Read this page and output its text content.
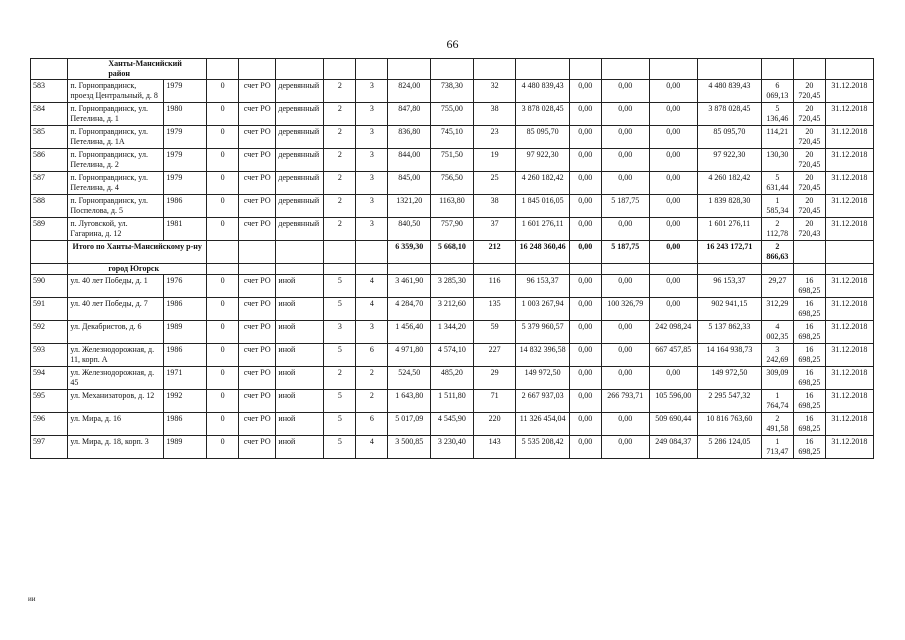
66
	Ханты-Мансийский район																	
583	п. Горноправдинск, проезд Центральный, д. 8	1979	0	счет РО	деревянный	2	3	824,00	738,30	32	4 480 839,43	0,00	0,00	0,00	4 480 839,43	6 069,13	20 720,45	31.12.2018
584	п. Горноправдинск, ул. Петелина, д. 1	1980	0	счет РО	деревянный	2	3	847,80	755,00	38	3 878 028,45	0,00	0,00	0,00	3 878 028,45	5 136,46	20 720,45	31.12.2018
585	п. Горноправдинск, ул. Петелина, д. 1А	1979	0	счет РО	деревянный	2	3	836,80	745,10	23	85 095,70	0,00	0,00	0,00	85 095,70	114,21	20 720,45	31.12.2018
586	п. Горноправдинск, ул. Петелина, д. 2	1979	0	счет РО	деревянный	2	3	844,00	751,50	19	97 922,30	0,00	0,00	0,00	97 922,30	130,30	20 720,45	31.12.2018
587	п. Горноправдинск, ул. Петелина, д. 4	1979	0	счет РО	деревянный	2	3	845,00	756,50	25	4 260 182,42	0,00	0,00	0,00	4 260 182,42	5 631,44	20 720,45	31.12.2018
588	п. Горноправдинск, ул. Поспелова, д. 5	1986	0	счет РО	деревянный	2	3	1321,20	1163,80	38	1 845 016,05	0,00	5 187,75	0,00	1 839 828,30	1 585,34	20 720,45	31.12.2018
589	п. Луговской, ул. Гагарина, д. 12	1981	0	счет РО	деревянный	2	3	840,50	757,90	37	1 601 276,11	0,00	0,00	0,00	1 601 276,11	2 112,78	20 720,43	31.12.2018
	Итого по Ханты-Мансийскому р-ну							6 359,30	5 668,10	212	16 248 360,46	0,00	5 187,75	0,00	16 243 172,71	2 866,63		
	город Югорск																	
590	ул. 40 лет Победы, д. 1	1976	0	счет РО	иной	5	4	3 461,90	3 285,30	116	96 153,37	0,00	0,00	0,00	96 153,37	29,27	16 698,25	31.12.2018
591	ул. 40 лет Победы, д. 7	1986	0	счет РО	иной	5	4	4 284,70	3 212,60	135	1 003 267,94	0,00	100 326,79	0,00	902 941,15	312,29	16 698,25	31.12.2018
592	ул. Декабристов, д. 6	1989	0	счет РО	иной	3	3	1 456,40	1 344,20	59	5 379 960,57	0,00	0,00	242 098,24	5 137 862,33	4 002,35	16 698,25	31.12.2018
593	ул. Железнодорожная, д. 11, корп. А	1986	0	счет РО	иной	5	6	4 971,80	4 574,10	227	14 832 396,58	0,00	0,00	667 457,85	14 164 938,73	3 242,69	16 698,25	31.12.2018
594	ул. Железнодорожная, д. 45	1971	0	счет РО	иной	2	2	524,50	485,20	29	149 972,50	0,00	0,00	0,00	149 972,50	309,09	16 698,25	31.12.2018
595	ул. Механизаторов, д. 12	1992	0	счет РО	иной	5	2	1 643,80	1 511,80	71	2 667 937,03	0,00	266 793,71	105 596,00	2 295 547,32	1 764,74	16 698,25	31.12.2018
596	ул. Мира, д. 16	1986	0	счет РО	иной	5	6	5 017,09	4 545,90	220	11 326 454,04	0,00	0,00	509 690,44	10 816 763,60	2 491,58	16 698,25	31.12.2018
597	ул. Мира, д. 18, корп. 3	1989	0	счет РО	иной	5	4	3 500,85	3 230,40	143	5 535 208,42	0,00	0,00	249 084,37	5 286 124,05	1 713,47	16 698,25	31.12.2018
ии
